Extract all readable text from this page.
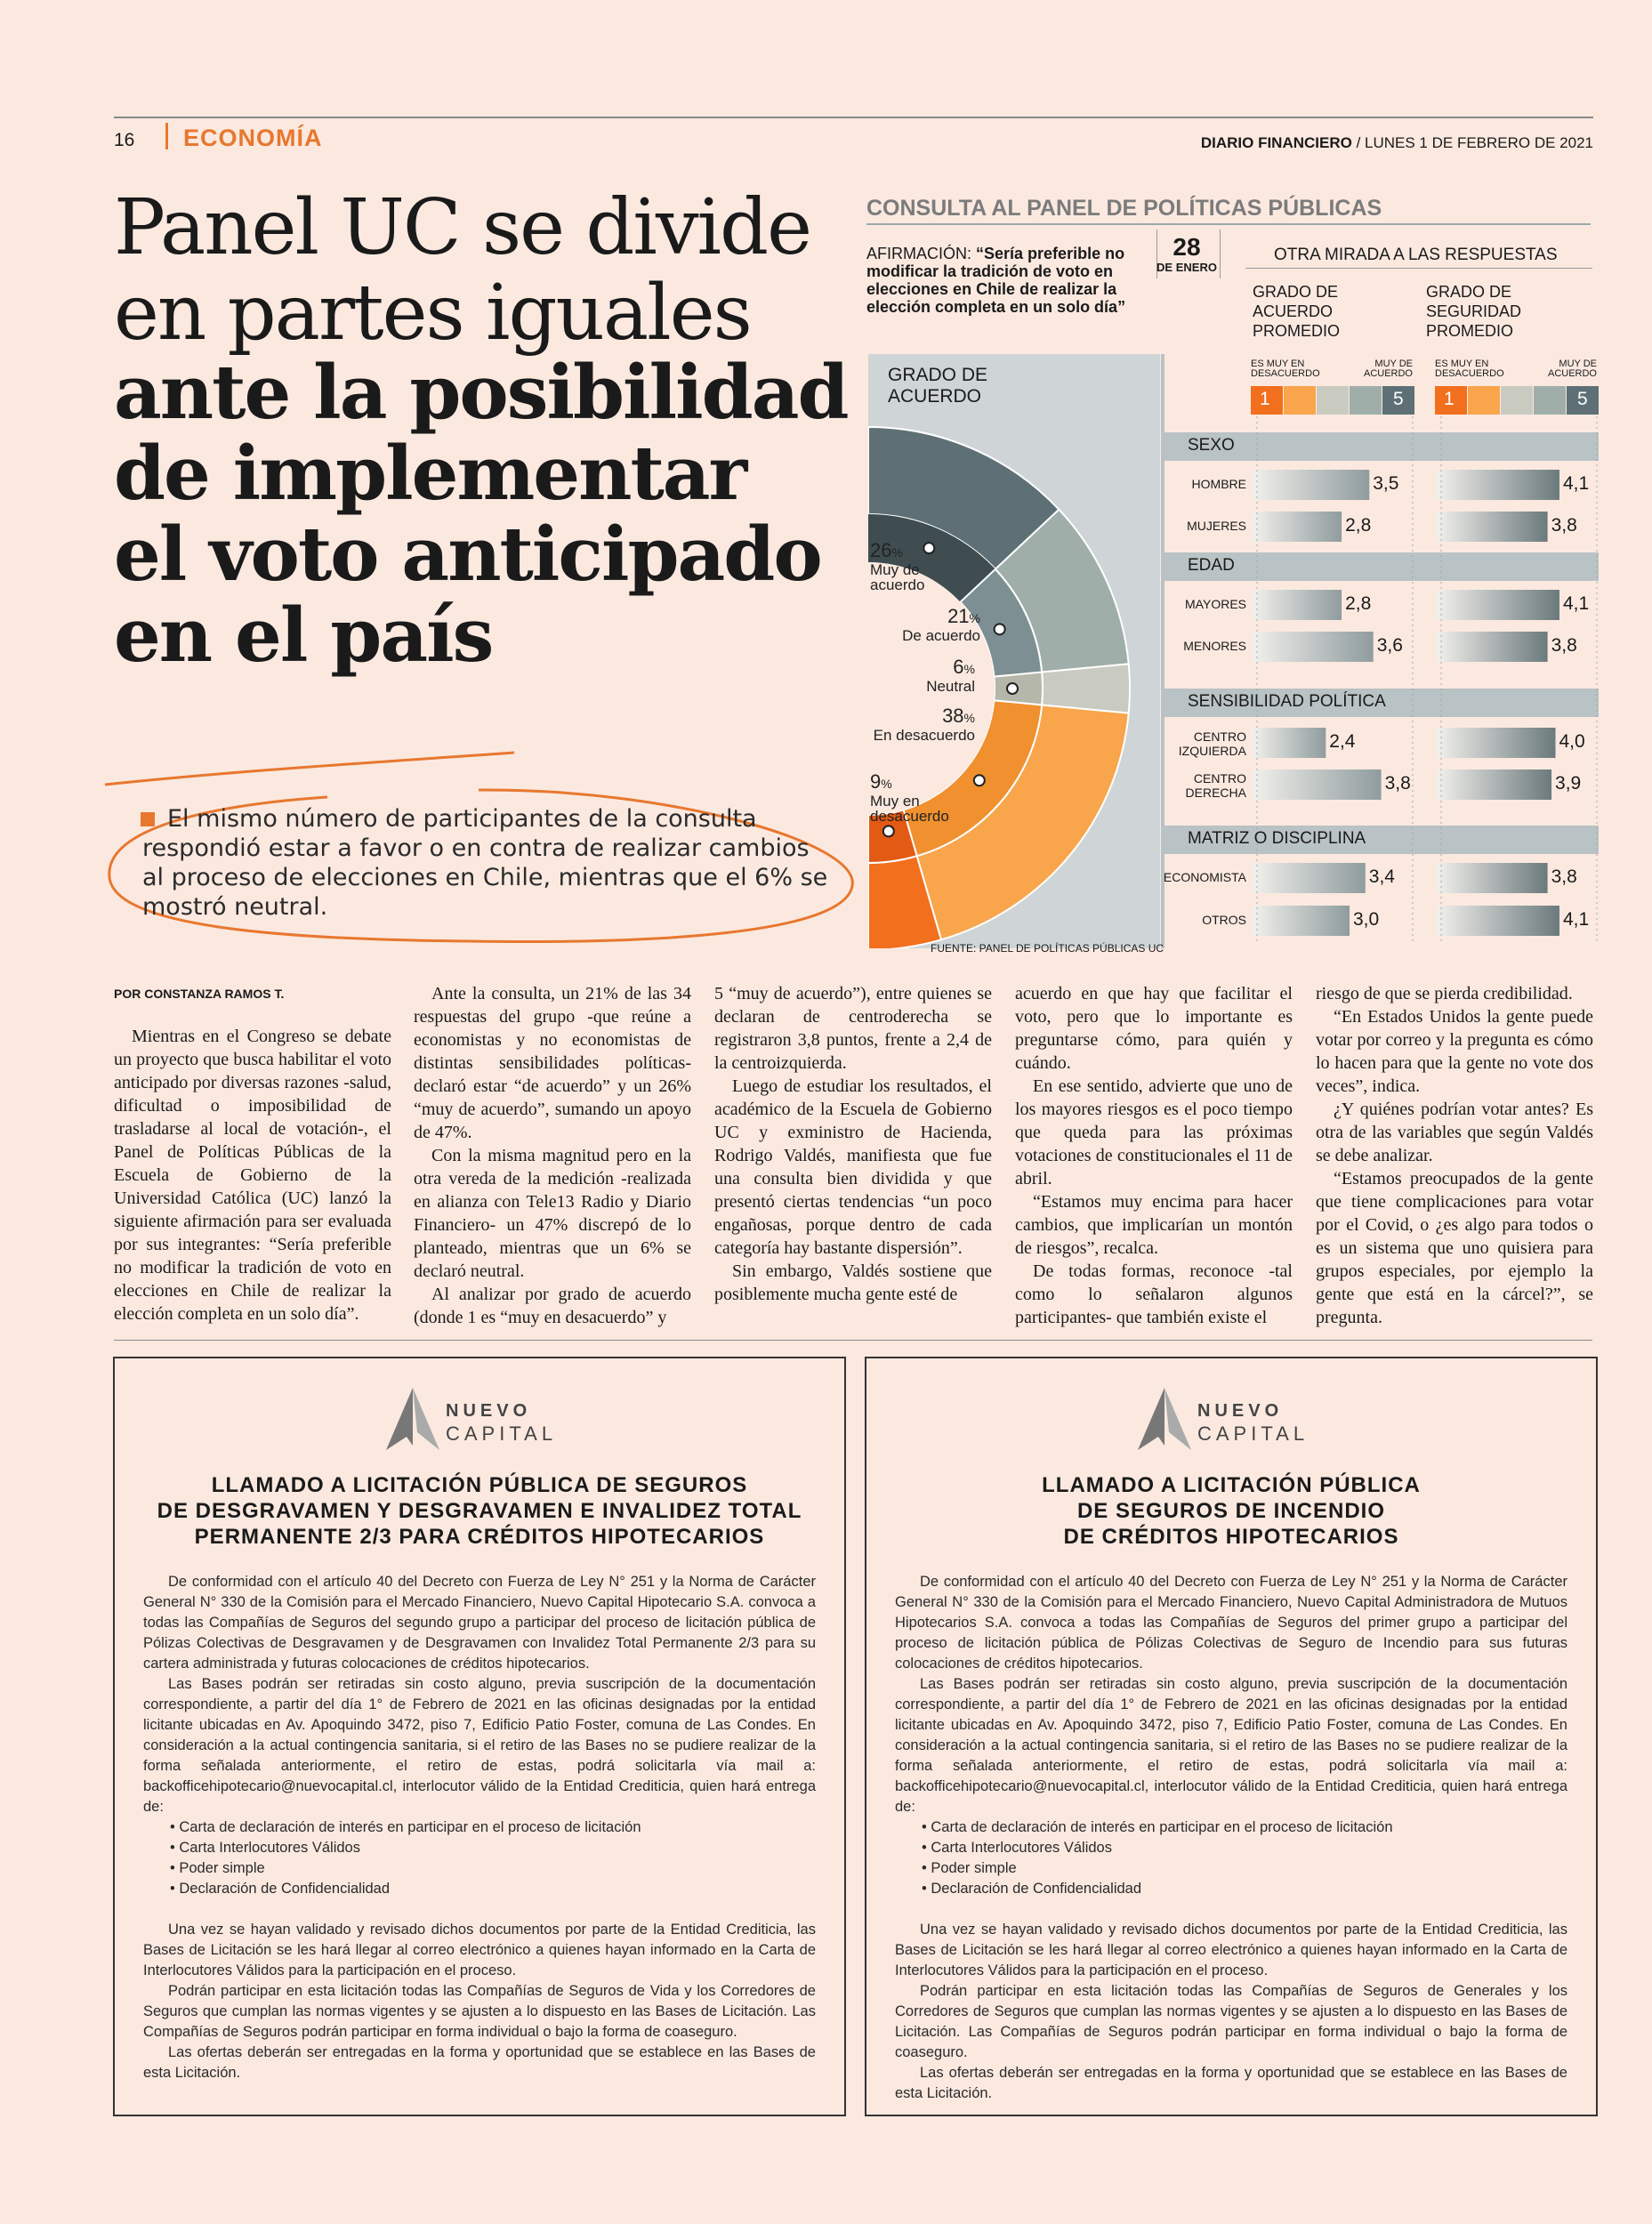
16 ECONOMÍA	DIARIO FINANCIERO / LUNES 1 DE FEBRERO DE 2021
Panel UC se divide
en partes iguales
ante la posibilidad
de implementar
el voto anticipado
en el país
El mismo número de participantes de la consulta respondió estar a favor o en contra de realizar cambios al proceso de elecciones en Chile, mientras que el 6% se mostró neutral.
CONSULTA AL PANEL DE POLÍTICAS PÚBLICAS
AFIRMACIÓN: “Sería preferible no modificar la tradición de voto en elecciones en Chile de realizar la elección completa en un solo día”
28
DE ENERO
OTRA MIRADA A LAS RESPUESTAS
GRADO DE ACUERDO PROMEDIO
GRADO DE SEGURIDAD PROMEDIO
GRADO DE ACUERDO
26%
Muy de acuerdo
21%
De acuerdo
6%
Neutral
38%
En desacuerdo
9%
Muy en desacuerdo
ES MUY EN DESACUERDO
MUY DE ACUERDO
1	5
ES MUY EN DESACUERDO
MUY DE ACUERDO
1	5
SEXO
EDAD
SENSIBILIDAD POLÍTICA
MATRIZ O DISCIPLINA
HOMBRE	3,5	4,1
MUJERES	2,8	3,8
MAYORES	2,8	4,1
MENORES	3,6	3,8
CENTRO IZQUIERDA	2,4	4,0
CENTRO DERECHA	3,8	3,9
ECONOMISTA	3,4	3,8
OTROS	3,0	4,1
FUENTE: PANEL DE POLÍTICAS PÚBLICAS UC
POR CONSTANZA RAMOS T.

Mientras en el Congreso se debate un proyecto que busca habilitar el voto anticipado por diversas razones -salud, dificultad o imposibilidad de trasladarse al local de votación-, el Panel de Políticas Públicas de la Escuela de Gobierno de la Universidad Católica (UC) lanzó la siguiente afirmación para ser evaluada por sus integrantes: “Sería preferible no modificar la tradición de voto en elecciones en Chile de realizar la elección completa en un solo día”.

Ante la consulta, un 21% de las 34 respuestas del grupo -que reúne a economistas y no economistas de distintas sensibilidades políticas- declaró estar “de acuerdo” y un 26% “muy de acuerdo”, sumando un apoyo de 47%.

Con la misma magnitud pero en la otra vereda de la medición -realizada en alianza con Tele13 Radio y Diario Financiero- un 47% discrepó de lo planteado, mientras que un 6% se declaró neutral.

Al analizar por grado de acuerdo (donde 1 es “muy en desacuerdo” y

5 “muy de acuerdo”), entre quienes se declaran de centroderecha se registraron 3,8 puntos, frente a 2,4 de la centroizquierda.

Luego de estudiar los resultados, el académico de la Escuela de Gobierno UC y exministro de Hacienda, Rodrigo Valdés, manifiesta que fue una consulta bien dividida y que presentó ciertas tendencias “un poco engañosas, porque dentro de cada categoría hay bastante dispersión”.

Sin embargo, Valdés sostiene que posiblemente mucha gente esté de

acuerdo en que hay que facilitar el voto, pero que lo importante es preguntarse cómo, para quién y cuándo.

En ese sentido, advierte que uno de los mayores riesgos es el poco tiempo que queda para las próximas votaciones de constitucionales el 11 de abril.

“Estamos muy encima para hacer cambios, que implicarían un montón de riesgos”, recalca.

De todas formas, reconoce -tal como lo señalaron algunos participantes- que también existe el

riesgo de que se pierda credibilidad.

“En Estados Unidos la gente puede votar por correo y la pregunta es cómo lo hacen para que la gente no vote dos veces”, indica.

¿Y quiénes podrían votar antes? Es otra de las variables que según Valdés se debe analizar.

“Estamos preocupados de la gente que tiene complicaciones para votar por el Covid, o ¿es algo para todos o es un sistema que uno quisiera para grupos especiales, por ejemplo la gente que está en la cárcel?”, se pregunta.

NUEVO
CAPITAL
LLAMADO A LICITACIÓN PÚBLICA DE SEGUROS
DE DESGRAVAMEN Y DESGRAVAMEN E INVALIDEZ TOTAL
PERMANENTE 2/3 PARA CRÉDITOS HIPOTECARIOS

De conformidad con el artículo 40 del Decreto con Fuerza de Ley N° 251 y la Norma de Carácter General N° 330 de la Comisión para el Mercado Financiero, Nuevo Capital Hipotecario S.A. convoca a todas las Compañías de Seguros del segundo grupo a participar del proceso de licitación pública de Pólizas Colectivas de Desgravamen y de Desgravamen con Invalidez Total Permanente 2/3 para su cartera administrada y futuras colocaciones de créditos hipotecarios.

Las Bases podrán ser retiradas sin costo alguno, previa suscripción de la documentación correspondiente, a partir del día 1° de Febrero de 2021 en las oficinas designadas por la entidad licitante ubicadas en Av. Apoquindo 3472, piso 7, Edificio Patio Foster, comuna de Las Condes. En consideración a la actual contingencia sanitaria, si el retiro de las Bases no se pudiere realizar de la forma señalada anteriormente, el retiro de estas, podrá solicitarla vía mail a: backofficehipotecario@nuevocapital.cl, interlocutor válido de la Entidad Crediticia, quien hará entrega de:

• Carta de declaración de interés en participar en el proceso de licitación
• Carta Interlocutores Válidos
• Poder simple
• Declaración de Confidencialidad

Una vez se hayan validado y revisado dichos documentos por parte de la Entidad Crediticia, las Bases de Licitación se les hará llegar al correo electrónico a quienes hayan informado en la Carta de Interlocutores Válidos para la participación en el proceso.

Podrán participar en esta licitación todas las Compañías de Seguros de Vida y los Corredores de Seguros que cumplan las normas vigentes y se ajusten a lo dispuesto en las Bases de Licitación. Las Compañías de Seguros podrán participar en forma individual o bajo la forma de coaseguro.

Las ofertas deberán ser entregadas en la forma y oportunidad que se establece en las Bases de esta Licitación.

NUEVO
CAPITAL
LLAMADO A LICITACIÓN PÚBLICA
DE SEGUROS DE INCENDIO
DE CRÉDITOS HIPOTECARIOS

De conformidad con el artículo 40 del Decreto con Fuerza de Ley N° 251 y la Norma de Carácter General N° 330 de la Comisión para el Mercado Financiero, Nuevo Capital Administradora de Mutuos Hipotecarios S.A. convoca a todas las Compañías de Seguros del primer grupo a participar del proceso de licitación pública de Pólizas Colectivas de Seguro de Incendio para sus futuras colocaciones de créditos hipotecarios.

Las Bases podrán ser retiradas sin costo alguno, previa suscripción de la documentación correspondiente, a partir del día 1° de Febrero de 2021 en las oficinas designadas por la entidad licitante ubicadas en Av. Apoquindo 3472, piso 7, Edificio Patio Foster, comuna de Las Condes. En consideración a la actual contingencia sanitaria, si el retiro de las Bases no se pudiere realizar de la forma señalada anteriormente, el retiro de estas, podrá solicitarla vía mail a: backofficehipotecario@nuevocapital.cl, interlocutor válido de la Entidad Crediticia, quien hará entrega de:

• Carta de declaración de interés en participar en el proceso de licitación
• Carta Interlocutores Válidos
• Poder simple
• Declaración de Confidencialidad

Una vez se hayan validado y revisado dichos documentos por parte de la Entidad Crediticia, las Bases de Licitación se les hará llegar al correo electrónico a quienes hayan informado en la Carta de Interlocutores Válidos para la participación en el proceso.

Podrán participar en esta licitación todas las Compañías de Seguros de Generales y los Corredores de Seguros que cumplan las normas vigentes y se ajusten a lo dispuesto en las Bases de Licitación. Las Compañías de Seguros podrán participar en forma individual o bajo la forma de coaseguro.

Las ofertas deberán ser entregadas en la forma y oportunidad que se establece en las Bases de esta Licitación.
